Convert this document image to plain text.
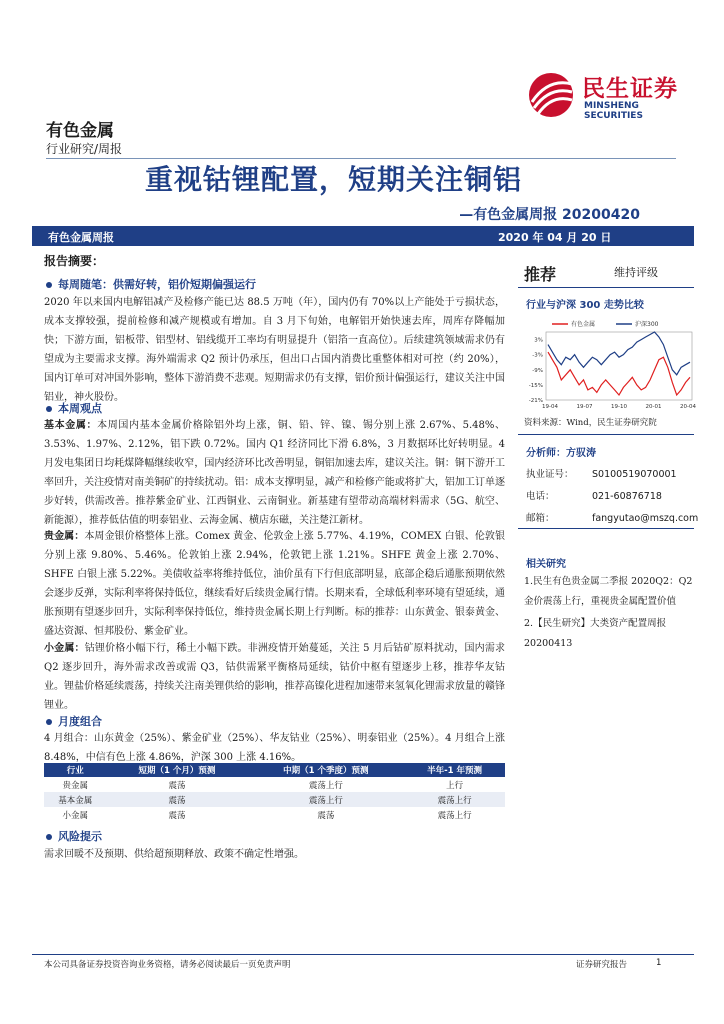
有色金属
行业研究/周报
民生证券
MINSHENG SECURITIES
重视钴锂配置，短期关注铜铝
—有色金属周报 20200420
有色金属周报	2020 年 04 月 20 日
报告摘要：
每周随笔：供需好转，铝价短期偏强运行
2020 年以来国内电解铝减产及检修产能已达 88.5 万吨（年），国内仍有 70%以上产能处于亏损状态，成本支撑较强，提前检修和减产规模或有增加。自 3 月下旬始，电解铝开始快速去库，周库存降幅加快；下游方面，铝板带、铝型材、铝线缆开工率均有明显提升（铝箔一直高位）。后续建筑领域需求仍有望成为主要需求支撑。海外端需求 Q2 预计仍承压，但出口占国内消费比重整体相对可控（约 20%），国内订单可对冲国外影响，整体下游消费不悲观。短期需求仍有支撑，铝价预计偏强运行，建议关注中国铝业，神火股份。
本周观点
基本金属：本周国内基本金属价格除铝外均上涨，铜、铅、锌、镍、锡分别上涨 2.67%、5.48%、3.53%、1.97%、2.12%，铝下跌 0.72%。国内 Q1 经济同比下滑 6.8%，3 月数据环比好转明显。4 月发电集团日均耗煤降幅继续收窄，国内经济环比改善明显，铜铝加速去库，建议关注。铜：铜下游开工率回升，关注疫情对南美铜矿的持续扰动。铝：成本支撑明显，减产和检修产能或将扩大，铝加工订单逐步好转，供需改善。推荐紫金矿业、江西铜业、云南铜业。新基建有望带动高端材料需求（5G、航空、新能源），推荐低估值的明泰铝业、云海金属、横店东磁，关注楚江新材。
贵金属：本周金银价格整体上涨。Comex 黄金、伦敦金上涨 5.77%、4.19%，COMEX 白银、伦敦银分别上涨 9.80%、5.46%。伦敦铂上涨 2.94%，伦敦钯上涨 1.21%。SHFE 黄金上涨 2.70%、SHFE 白银上涨 5.22%。美债收益率将维持低位，油价虽有下行但底部明显，底部企稳后通胀预期依然会逐步反弹，实际利率将保持低位，继续看好后续贵金属行情。长期来看，全球低利率环境有望延续，通胀预期有望逐步回升，实际利率保持低位，维持贵金属长期上行判断。标的推荐：山东黄金、银泰黄金、盛达资源、恒邦股份、紫金矿业。
小金属：钴锂价格小幅下行，稀土小幅下跌。非洲疫情开始蔓延，关注 5 月后钴矿原料扰动，国内需求 Q2 逐步回升，海外需求改善或需 Q3，钴供需紧平衡格局延续，钴价中枢有望逐步上移，推荐华友钴业。锂盐价格延续震荡，持续关注南美锂供给的影响，推荐高镍化进程加速带来氢氧化锂需求放量的赣锋锂业。
月度组合
4 月组合：山东黄金（25%）、紫金矿业（25%）、华友钴业（25%）、明泰铝业（25%）。4 月组合上涨 8.48%，中信有色上涨 4.86%，沪深 300 上涨 4.16%。
行业	短期（1 个月）预测	中期（1 个季度）预测	半年-1 年预测
贵金属	震荡	震荡上行	上行
基本金属	震荡	震荡上行	震荡上行
小金属	震荡	震荡	震荡上行
风险提示
需求回暖不及预期、供给超预期释放、政策不确定性增强。
推荐	维持评级
行业与沪深 300 走势比较
3%
-3%
-9%
-15%
-21%
19-04	19-07	19-10	20-01	20-04
有色金属	沪深300
资料来源：Wind，民生证券研究院
分析师：方驭涛
执业证号： S0100519070001
电话：	021-60876718
邮箱：	fangyutao@mszq.com
相关研究
1.民生有色贵金属二季报 2020Q2：Q2 金价震荡上行，重视贵金属配置价值
2.【民生研究】大类资产配置周报 20200413
本公司具备证券投资咨询业务资格，请务必阅读最后一页免责声明	证券研究报告	1
